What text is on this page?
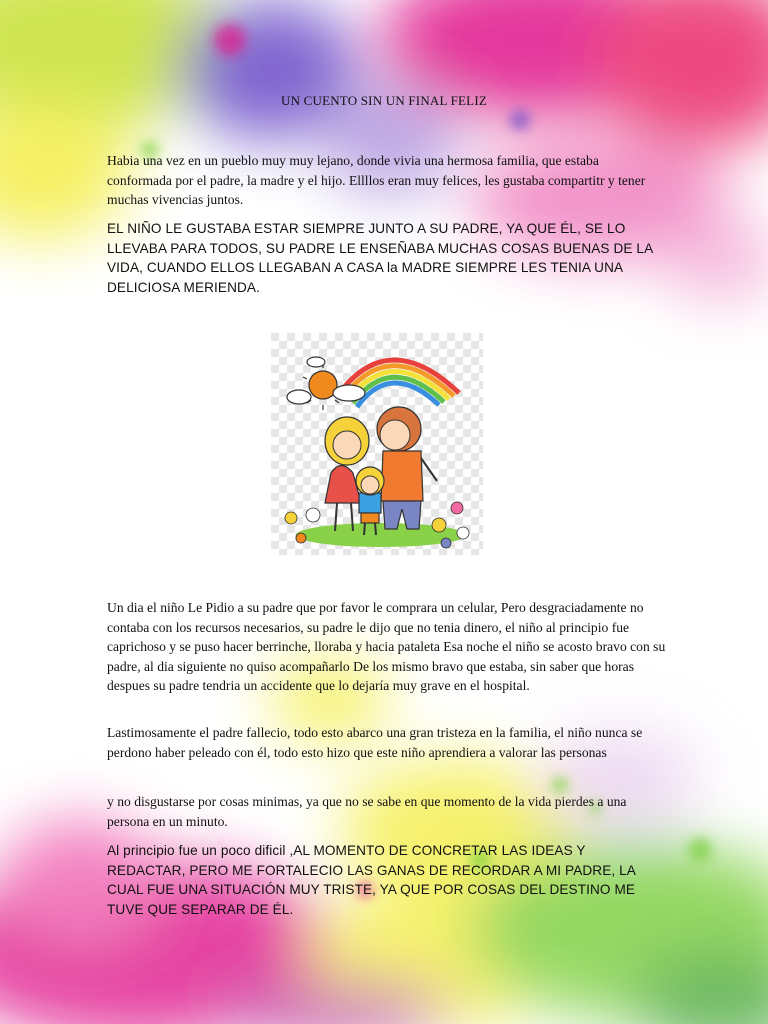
UN CUENTO SIN UN FINAL FELIZ

Habia una vez en un pueblo muy muy lejano, donde vivia una hermosa familia, que estaba conformada por el padre, la madre y el hijo. Ellllos eran muy felices, les gustaba compartitr y tener muchas vivencias juntos.

EL NIÑO LE GUSTABA ESTAR SIEMPRE JUNTO A SU PADRE, YA QUE ÉL, SE LO LLEVABA PARA TODOS, SU PADRE LE ENSEÑABA MUCHAS COSAS BUENAS DE LA VIDA, CUANDO ELLOS LLEGABAN A CASA la MADRE SIEMPRE LES TENIA UNA DELICIOSA MERIENDA.

Un dia el niño Le Pidio a su padre que por favor le comprara un celular, Pero desgraciadamente no contaba con los recursos necesarios, su padre le dijo que no tenia dinero, el niño al principio fue caprichoso y se puso hacer berrinche, lloraba y hacia pataleta Esa noche el niño se acosto bravo con su padre, al dia siguiente no quiso acompañarlo De los mismo bravo que estaba, sin saber que horas despues su padre tendria un accidente que lo dejaría muy grave en el hospital.

Lastimosamente el padre fallecio, todo esto abarco una gran tristeza en la familia, el niño nunca se perdono haber peleado con él, todo esto hizo que este niño aprendiera a valorar las personas

y no disgustarse por cosas minimas, ya que no se sabe en que momento de la vida pierdes a una persona en un minuto.

Al principio fue un poco dificil ,AL MOMENTO DE CONCRETAR LAS IDEAS Y REDACTAR, PERO ME FORTALECIO LAS GANAS DE RECORDAR A MI PADRE, LA CUAL FUE UNA SITUACIÓN MUY TRISTE, YA QUE POR COSAS DEL DESTINO ME TUVE QUE SEPARAR DE ÉL.
